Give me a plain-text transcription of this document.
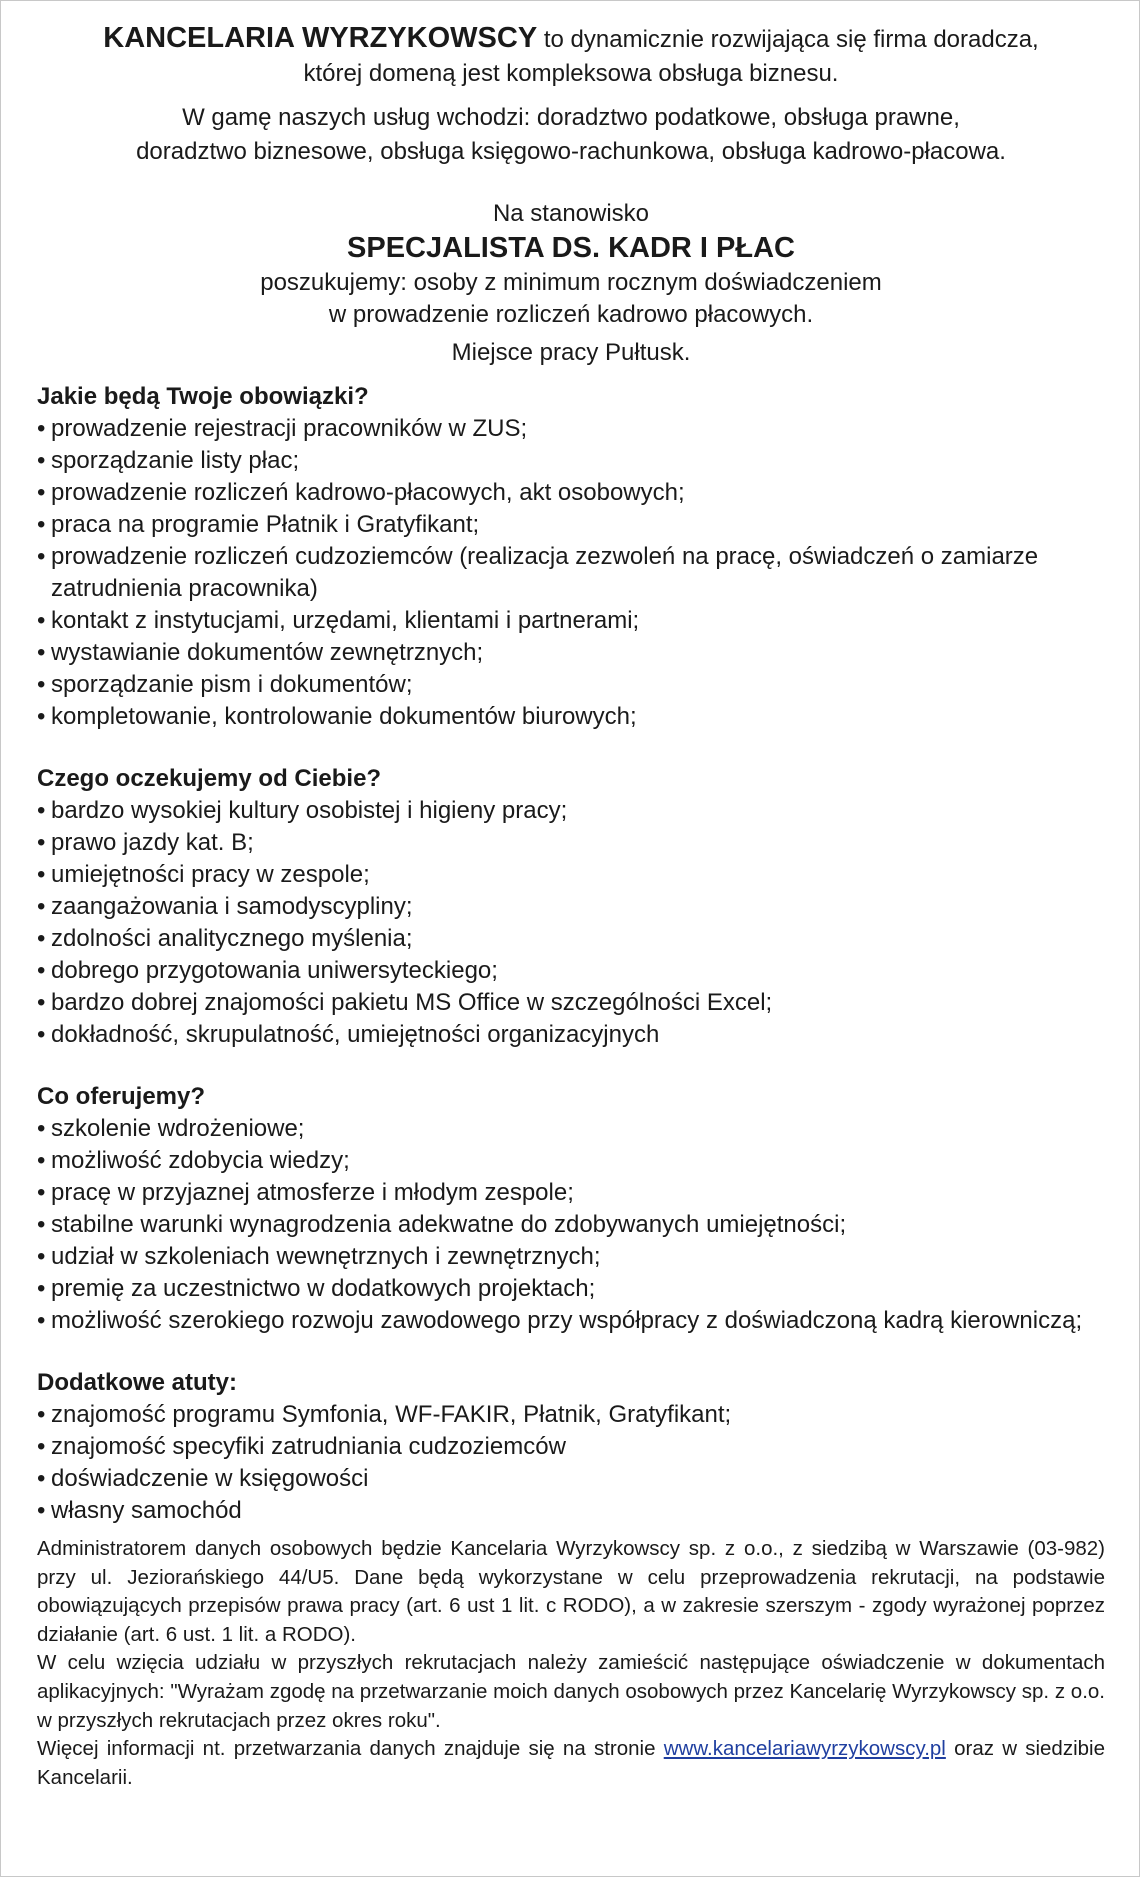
KANCELARIA WYRZYKOWSCY to dynamicznie rozwijająca się firma doradcza,
której domeną jest kompleksowa obsługa biznesu.

W gamę naszych usług wchodzi: doradztwo podatkowe, obsługa prawne,
doradztwo biznesowe, obsługa księgowo-rachunkowa, obsługa kadrowo-płacowa.

Na stanowisko
SPECJALISTA DS. KADR I PŁAC
poszukujemy: osoby z minimum rocznym doświadczeniem
w prowadzenie rozliczeń kadrowo płacowych.
Miejsce pracy Pułtusk.
Jakie będą Twoje obowiązki?
• prowadzenie rejestracji pracowników w ZUS;
• sporządzanie listy płac;
• prowadzenie rozliczeń kadrowo-płacowych, akt osobowych;
• praca na programie Płatnik i Gratyfikant;
• prowadzenie rozliczeń cudzoziemców (realizacja zezwoleń na pracę, oświadczeń o zamiarze zatrudnienia pracownika)
• kontakt z instytucjami, urzędami, klientami i partnerami;
• wystawianie dokumentów zewnętrznych;
• sporządzanie pism i dokumentów;
• kompletowanie, kontrolowanie dokumentów biurowych;
Czego oczekujemy od Ciebie?
• bardzo wysokiej kultury osobistej i higieny pracy;
• prawo jazdy kat. B;
• umiejętności pracy w zespole;
• zaangażowania i samodyscypliny;
• zdolności analitycznego myślenia;
• dobrego przygotowania uniwersyteckiego;
• bardzo dobrej znajomości pakietu MS Office w szczególności Excel;
• dokładność, skrupulatność, umiejętności organizacyjnych
Co oferujemy?
• szkolenie wdrożeniowe;
• możliwość zdobycia wiedzy;
• pracę w przyjaznej atmosferze i młodym zespole;
• stabilne warunki wynagrodzenia adekwatne do zdobywanych umiejętności;
• udział w szkoleniach wewnętrznych i zewnętrznych;
• premię za uczestnictwo w dodatkowych projektach;
• możliwość szerokiego rozwoju zawodowego przy współpracy z doświadczoną kadrą kierowniczą;
Dodatkowe atuty:
• znajomość programu Symfonia, WF-FAKIR, Płatnik, Gratyfikant;
• znajomość specyfiki zatrudniania cudzoziemców
• doświadczenie w księgowości
• własny samochód

Administratorem danych osobowych będzie Kancelaria Wyrzykowscy sp. z o.o., z siedzibą w Warszawie (03-982) przy ul. Jeziorańskiego 44/U5. Dane będą wykorzystane w celu przeprowadzenia rekrutacji, na podstawie obowiązujących przepisów prawa pracy (art. 6 ust 1 lit. c RODO), a w zakresie szerszym - zgody wyrażonej poprzez działanie (art. 6 ust. 1 lit. a RODO).

W celu wzięcia udziału w przyszłych rekrutacjach należy zamieścić następujące oświadczenie w dokumentach aplikacyjnych: "Wyrażam zgodę na przetwarzanie moich danych osobowych przez Kancelarię Wyrzykowscy sp. z o.o. w przyszłych rekrutacjach przez okres roku".

Więcej informacji nt. przetwarzania danych znajduje się na stronie www.kancelariawyrzykowscy.pl oraz w siedzibie Kancelarii.
